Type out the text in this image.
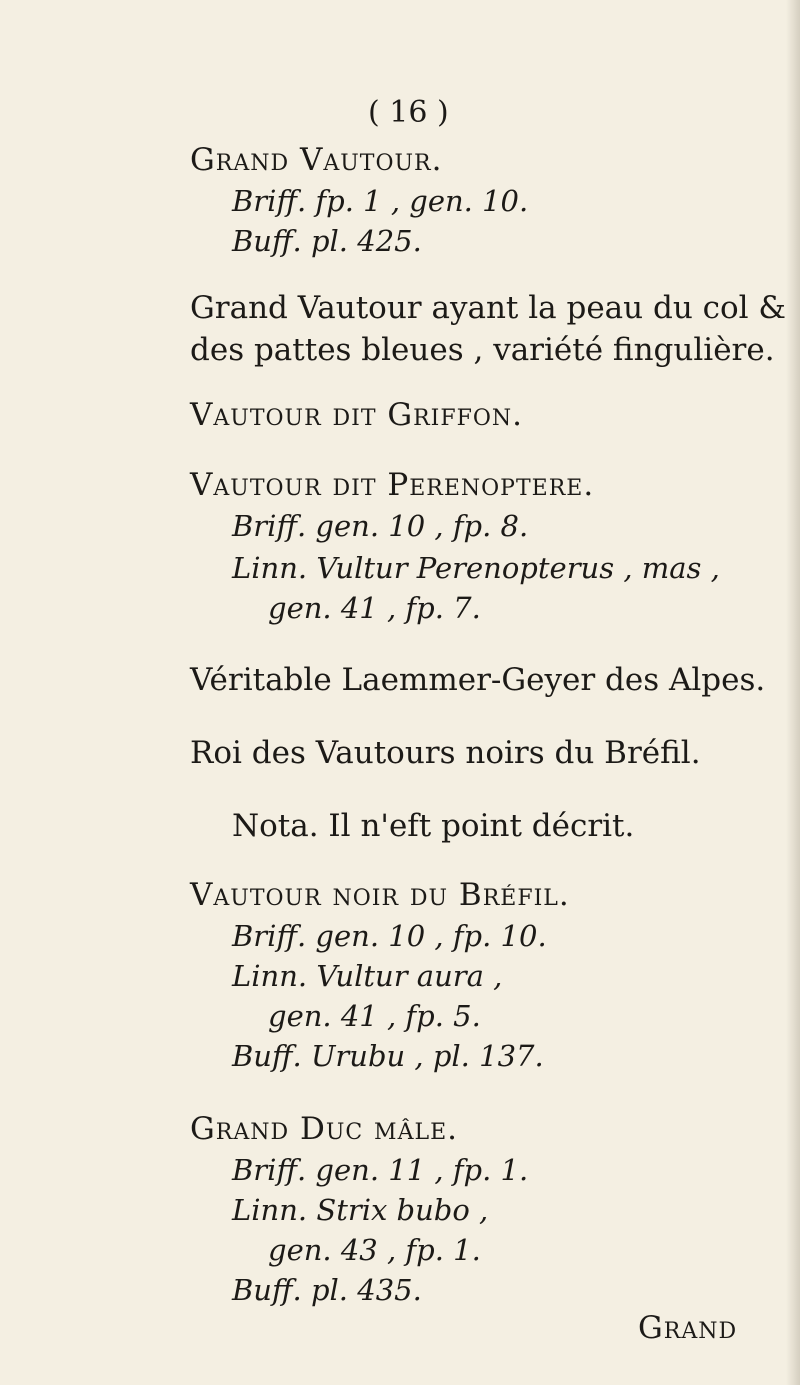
( 16 )
Grand Vautour.
Briff. fp. 1 , gen. 10.
Buff. pl. 425.
Grand Vautour ayant la peau du col &
des pattes bleues , variété fingulière.
Vautour dit Griffon.
Vautour dit Perenoptere.
Briff. gen. 10 , fp. 8.
Linn. Vultur Perenopterus , mas ,
gen. 41 , fp. 7.
Véritable Laemmer-Geyer des Alpes.
Roi des Vautours noirs du Bréfil.
Nota. Il n'eft point décrit.
Vautour noir du Bréfil.
Briff. gen. 10 , fp. 10.
Linn. Vultur aura ,
gen. 41 , fp. 5.
Buff. Urubu , pl. 137.
Grand Duc mâle.
Briff. gen. 11 , fp. 1.
Linn. Strix bubo ,
gen. 43 , fp. 1.
Buff. pl. 435.
Grand
